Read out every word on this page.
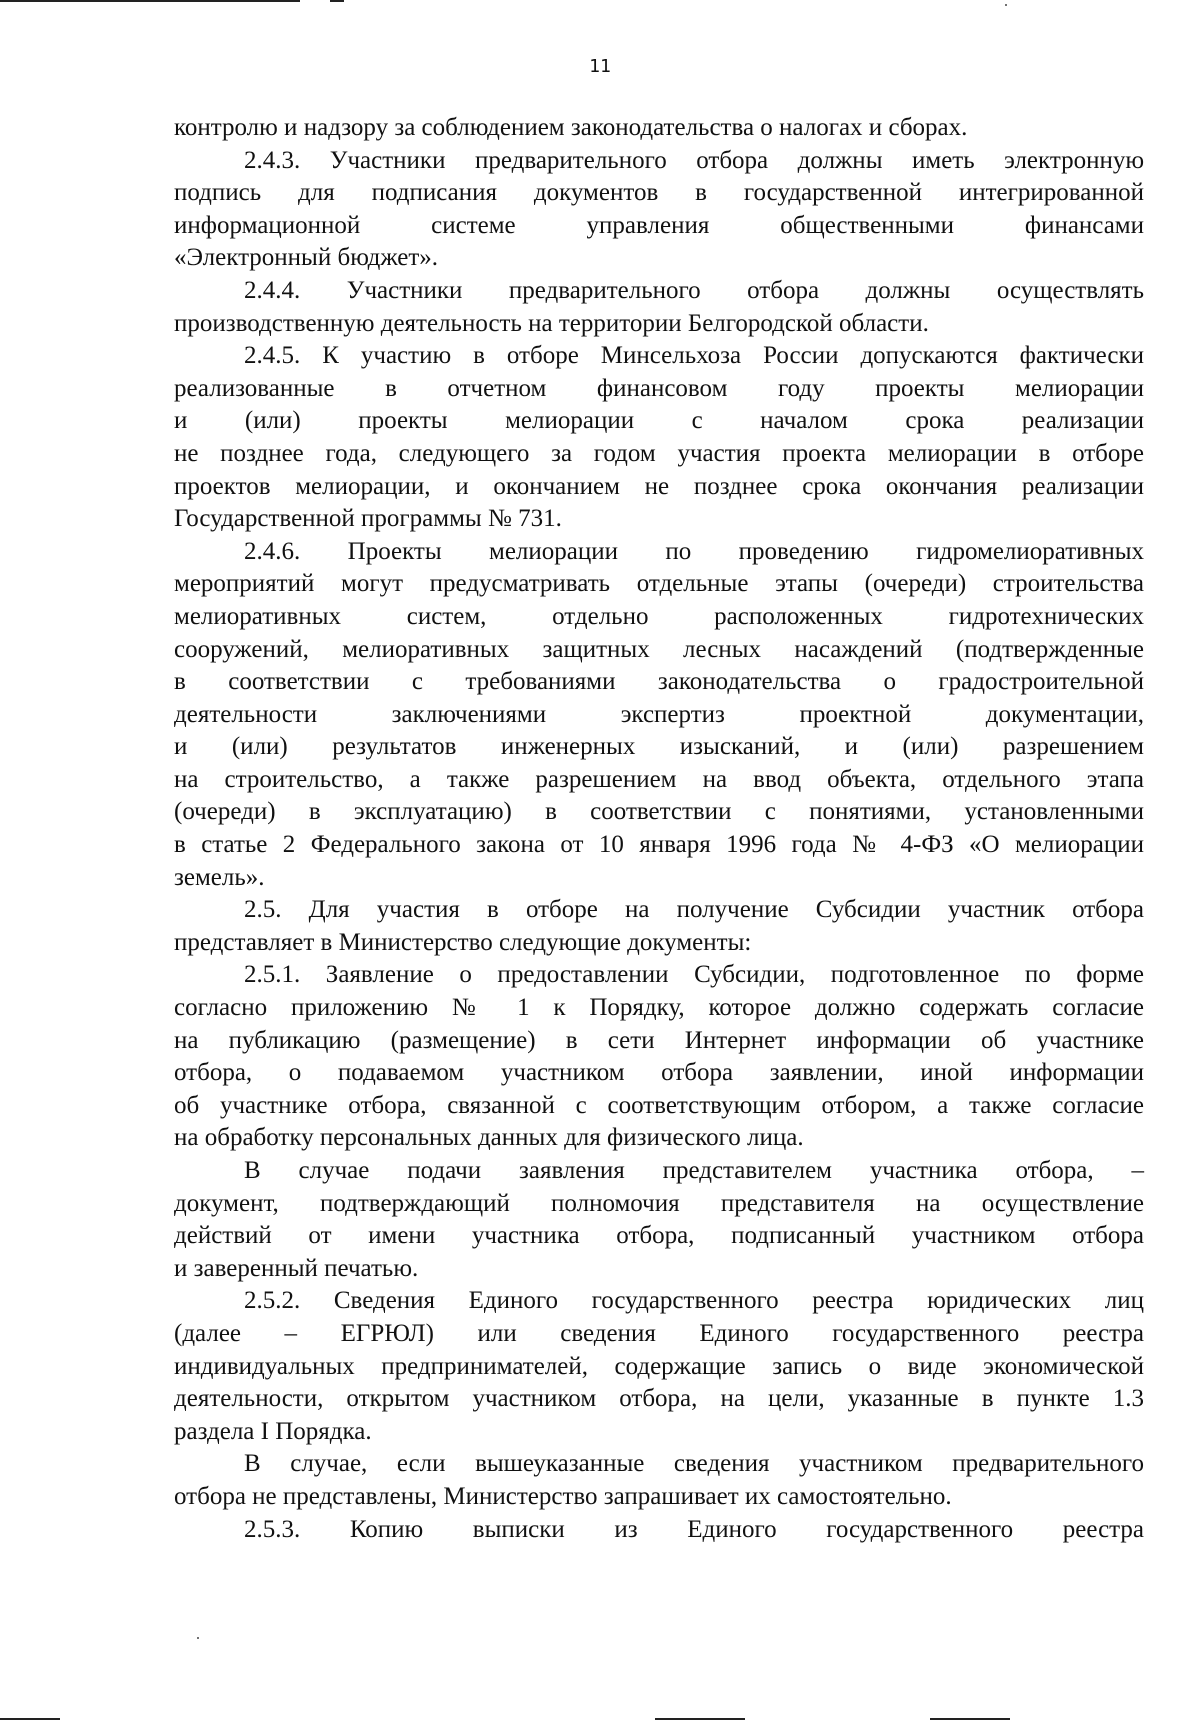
11
контролю и надзору за соблюдением законодательства о налогах и сборах.
2.4.3. Участники предварительного отбора должны иметь электронную
подпись для подписания документов в государственной интегрированной
информационной системе управления общественными финансами
«Электронный бюджет».
2.4.4. Участники предварительного отбора должны осуществлять
производственную деятельность на территории Белгородской области.
2.4.5. К участию в отборе Минсельхоза России допускаются фактически
реализованные в отчетном финансовом году проекты мелиорации
и (или) проекты мелиорации с началом срока реализации
не позднее года, следующего за годом участия проекта мелиорации в отборе
проектов мелиорации, и окончанием не позднее срока окончания реализации
Государственной программы № 731.
2.4.6. Проекты мелиорации по проведению гидромелиоративных
мероприятий могут предусматривать отдельные этапы (очереди) строительства
мелиоративных систем, отдельно расположенных гидротехнических
сооружений, мелиоративных защитных лесных насаждений (подтвержденные
в соответствии с требованиями законодательства о градостроительной
деятельности заключениями экспертиз проектной документации,
и (или) результатов инженерных изысканий, и (или) разрешением
на строительство, а также разрешением на ввод объекта, отдельного этапа
(очереди) в эксплуатацию) в соответствии с понятиями, установленными
в статье 2 Федерального закона от 10 января 1996 года № 4-ФЗ «О мелиорации
земель».
2.5. Для участия в отборе на получение Субсидии участник отбора
представляет в Министерство следующие документы:
2.5.1. Заявление о предоставлении Субсидии, подготовленное по форме
согласно приложению № 1 к Порядку, которое должно содержать согласие
на публикацию (размещение) в сети Интернет информации об участнике
отбора, о подаваемом участником отбора заявлении, иной информации
об участнике отбора, связанной с соответствующим отбором, а также согласие
на обработку персональных данных для физического лица.
В случае подачи заявления представителем участника отбора, –
документ, подтверждающий полномочия представителя на осуществление
действий от имени участника отбора, подписанный участником отбора
и заверенный печатью.
2.5.2. Сведения Единого государственного реестра юридических лиц
(далее – ЕГРЮЛ) или сведения Единого государственного реестра
индивидуальных предпринимателей, содержащие запись о виде экономической
деятельности, открытом участником отбора, на цели, указанные в пункте 1.3
раздела I Порядка.
В случае, если вышеуказанные сведения участником предварительного
отбора не представлены, Министерство запрашивает их самостоятельно.
2.5.3. Копию выписки из Единого государственного реестра
